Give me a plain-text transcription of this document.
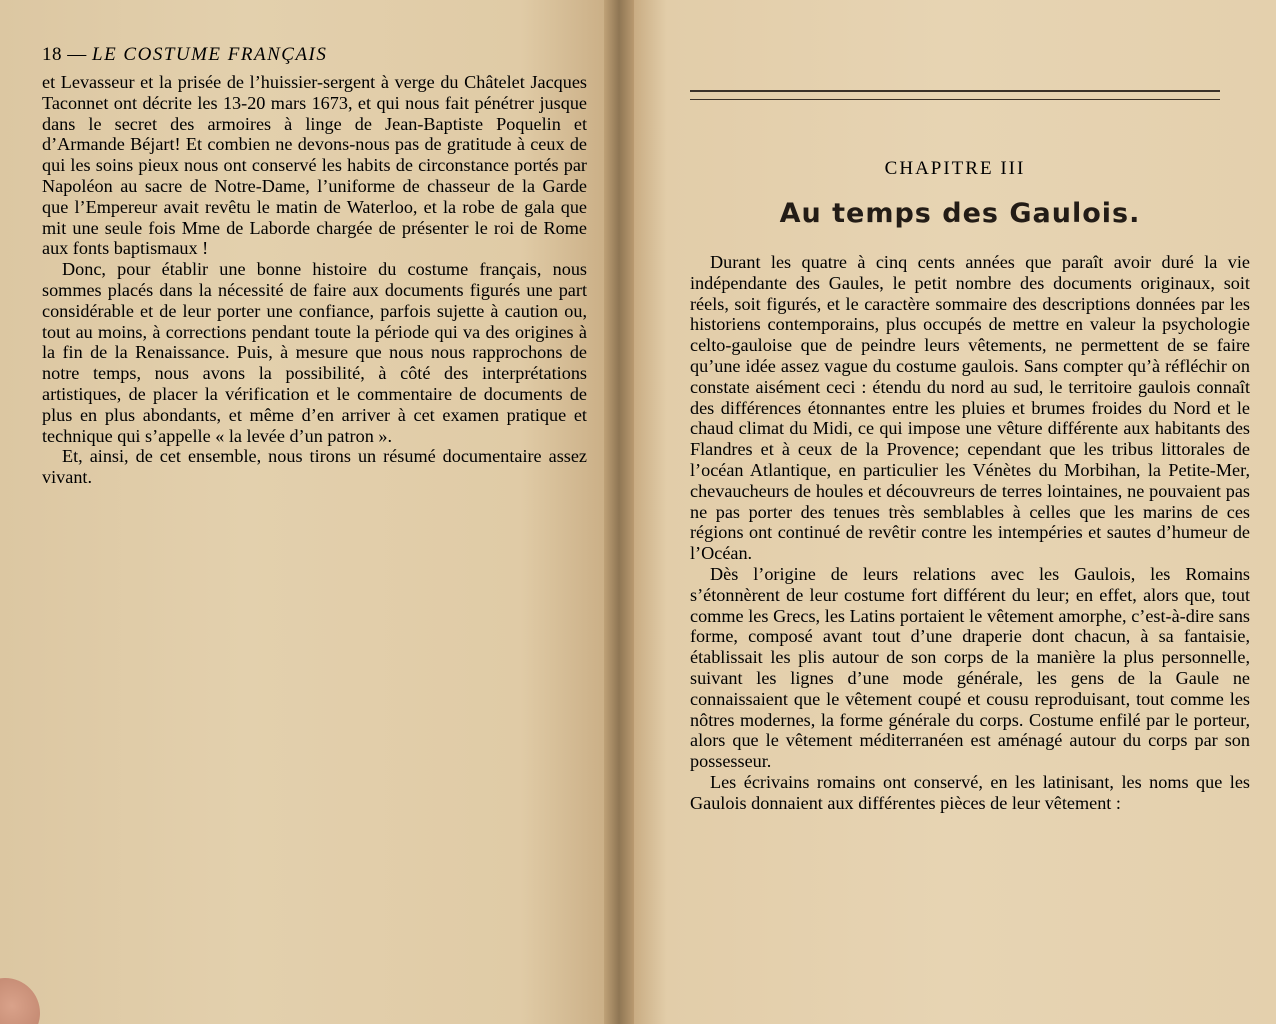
18 — LE COSTUME FRANÇAIS

et Levasseur et la prisée de l’huissier-sergent à verge du Châtelet Jacques Taconnet ont décrite les 13-20 mars 1673, et qui nous fait pénétrer jusque dans le secret des armoires à linge de Jean-Baptiste Poquelin et d’Armande Béjart! Et combien ne devons-nous pas de gratitude à ceux de qui les soins pieux nous ont conservé les habits de circonstance portés par Napoléon au sacre de Notre-Dame, l’uniforme de chasseur de la Garde que l’Empereur avait revêtu le matin de Waterloo, et la robe de gala que mit une seule fois Mme de Laborde chargée de présenter le roi de Rome aux fonts baptismaux !

Donc, pour établir une bonne histoire du costume français, nous sommes placés dans la nécessité de faire aux documents figurés une part considérable et de leur porter une confiance, parfois sujette à caution ou, tout au moins, à corrections pendant toute la période qui va des origines à la fin de la Renaissance. Puis, à mesure que nous nous rapprochons de notre temps, nous avons la possibilité, à côté des interprétations artistiques, de placer la vérification et le commentaire de documents de plus en plus abondants, et même d’en arriver à cet examen pratique et technique qui s’appelle « la levée d’un patron ».

Et, ainsi, de cet ensemble, nous tirons un résumé documentaire assez vivant.

CHAPITRE III
Au temps des Gaulois.

Durant les quatre à cinq cents années que paraît avoir duré la vie indépendante des Gaules, le petit nombre des documents originaux, soit réels, soit figurés, et le caractère sommaire des descriptions données par les historiens contemporains, plus occupés de mettre en valeur la psychologie celto-gauloise que de peindre leurs vêtements, ne permettent de se faire qu’une idée assez vague du costume gaulois. Sans compter qu’à réfléchir on constate aisément ceci : étendu du nord au sud, le territoire gaulois connaît des différences étonnantes entre les pluies et brumes froides du Nord et le chaud climat du Midi, ce qui impose une vêture différente aux habitants des Flandres et à ceux de la Provence; cependant que les tribus littorales de l’océan Atlantique, en particulier les Vénètes du Morbihan, la Petite-Mer, chevaucheurs de houles et découvreurs de terres lointaines, ne pouvaient pas ne pas porter des tenues très semblables à celles que les marins de ces régions ont continué de revêtir contre les intempéries et sautes d’humeur de l’Océan.

Dès l’origine de leurs relations avec les Gaulois, les Romains s’étonnèrent de leur costume fort différent du leur; en effet, alors que, tout comme les Grecs, les Latins portaient le vêtement amorphe, c’est-à-dire sans forme, composé avant tout d’une draperie dont chacun, à sa fantaisie, établissait les plis autour de son corps de la manière la plus personnelle, suivant les lignes d’une mode générale, les gens de la Gaule ne connaissaient que le vêtement coupé et cousu reproduisant, tout comme les nôtres modernes, la forme générale du corps. Costume enfilé par le porteur, alors que le vêtement méditerranéen est aménagé autour du corps par son possesseur.

Les écrivains romains ont conservé, en les latinisant, les noms que les Gaulois donnaient aux différentes pièces de leur vêtement :
